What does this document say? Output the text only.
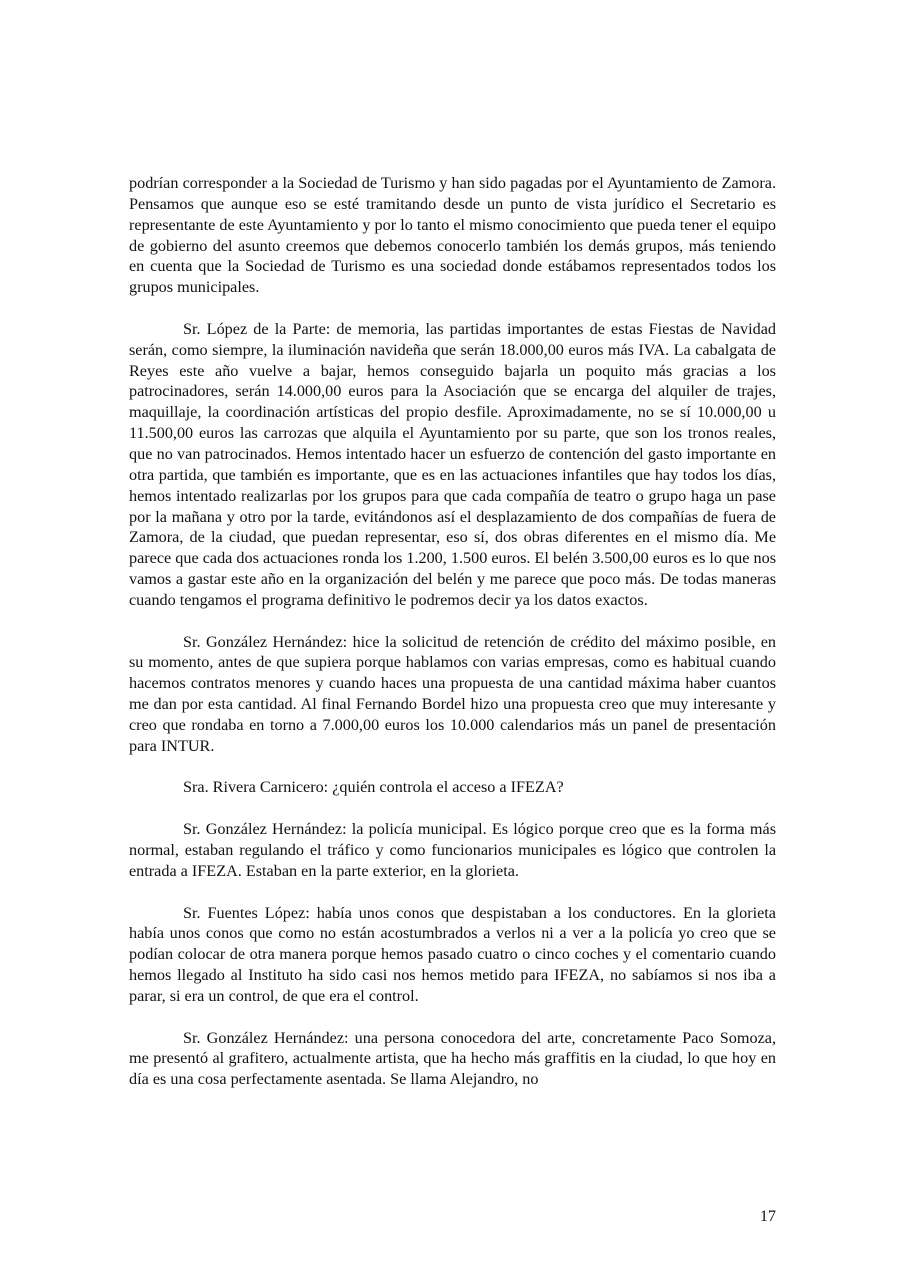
podrían corresponder a la Sociedad de Turismo y han sido pagadas por el Ayuntamiento de Zamora. Pensamos que aunque eso se esté tramitando desde un punto de vista jurídico el Secretario es representante de este Ayuntamiento y por lo tanto el mismo conocimiento que pueda tener el equipo de gobierno del asunto creemos que debemos conocerlo también los demás grupos, más teniendo en cuenta que la Sociedad de Turismo es una sociedad donde estábamos representados todos los grupos municipales.

Sr. López de la Parte: de memoria, las partidas importantes de estas Fiestas de Navidad serán, como siempre, la iluminación navideña que serán 18.000,00 euros más IVA. La cabalgata de Reyes este año vuelve a bajar, hemos conseguido bajarla un poquito más gracias a los patrocinadores, serán 14.000,00 euros para la Asociación que se encarga del alquiler de trajes, maquillaje, la coordinación artísticas del propio desfile. Aproximadamente, no se sí 10.000,00 u 11.500,00 euros las carrozas que alquila el Ayuntamiento por su parte, que son los tronos reales, que no van patrocinados. Hemos intentado hacer un esfuerzo de contención del gasto importante en otra partida, que también es importante, que es en las actuaciones infantiles que hay todos los días, hemos intentado realizarlas por los grupos para que cada compañía de teatro o grupo haga un pase por la mañana y otro por la tarde, evitándonos así el desplazamiento de dos compañías de fuera de Zamora, de la ciudad, que puedan representar, eso sí, dos obras diferentes en el mismo día. Me parece que cada dos actuaciones ronda los 1.200, 1.500 euros. El belén 3.500,00 euros es lo que nos vamos a gastar este año en la organización del belén y me parece que poco más. De todas maneras cuando tengamos el programa definitivo le podremos decir ya los datos exactos.

Sr. González Hernández: hice la solicitud de retención de crédito del máximo posible, en su momento, antes de que supiera porque hablamos con varias empresas, como es habitual cuando hacemos contratos menores y cuando haces una propuesta de una cantidad máxima haber cuantos me dan por esta cantidad. Al final Fernando Bordel hizo una propuesta creo que muy interesante y creo que rondaba en torno a 7.000,00 euros los 10.000 calendarios más un panel de presentación para INTUR.

Sra. Rivera Carnicero: ¿quién controla el acceso a IFEZA?

Sr. González Hernández: la policía municipal. Es lógico porque creo que es la forma más normal, estaban regulando el tráfico y como funcionarios municipales es lógico que controlen la entrada a IFEZA. Estaban en la parte exterior, en la glorieta.

Sr. Fuentes López: había unos conos que despistaban a los conductores. En la glorieta había unos conos que como no están acostumbrados a verlos ni a ver a la policía yo creo que se podían colocar de otra manera porque hemos pasado cuatro o cinco coches y el comentario cuando hemos llegado al Instituto ha sido casi nos hemos metido para IFEZA, no sabíamos si nos iba a parar, si era un control, de que era el control.

Sr. González Hernández: una persona conocedora del arte, concretamente Paco Somoza, me presentó al grafitero, actualmente artista, que ha hecho más graffitis en la ciudad, lo que hoy en día es una cosa perfectamente asentada. Se llama Alejandro, no

17
